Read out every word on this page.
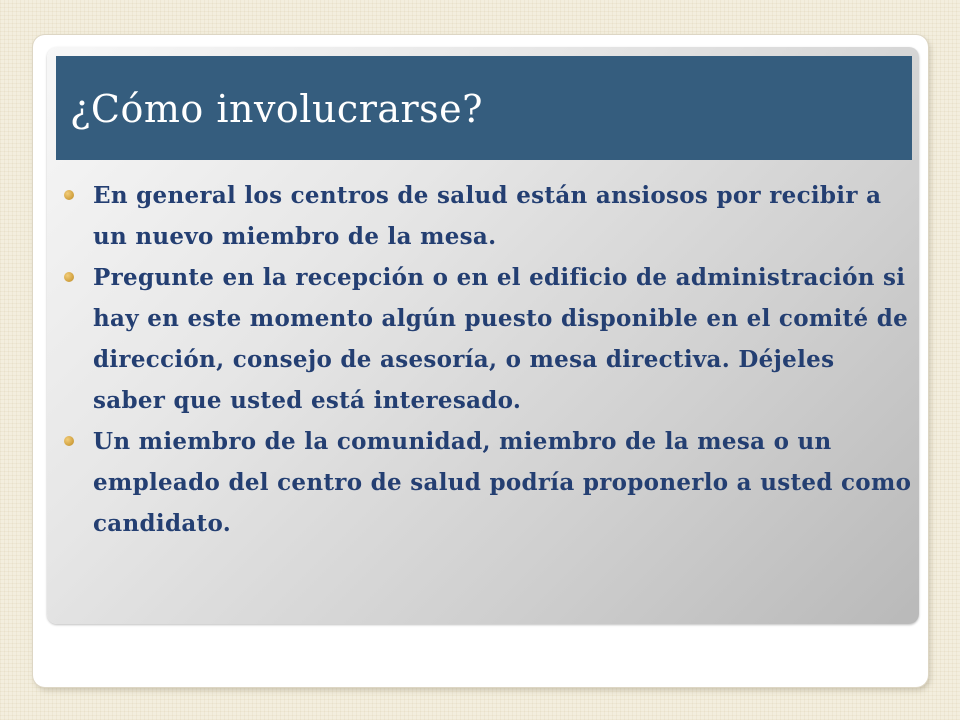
¿Cómo involucrarse?
En general los centros de salud están ansiosos por recibir a un nuevo miembro de la mesa.
Pregunte en la recepción o en el edificio de administración si hay en este momento algún puesto disponible en el comité de dirección, consejo de asesoría, o mesa directiva. Déjeles saber que usted está interesado.
Un miembro de la comunidad, miembro de la mesa o un empleado del centro de salud podría proponerlo a usted como candidato.
